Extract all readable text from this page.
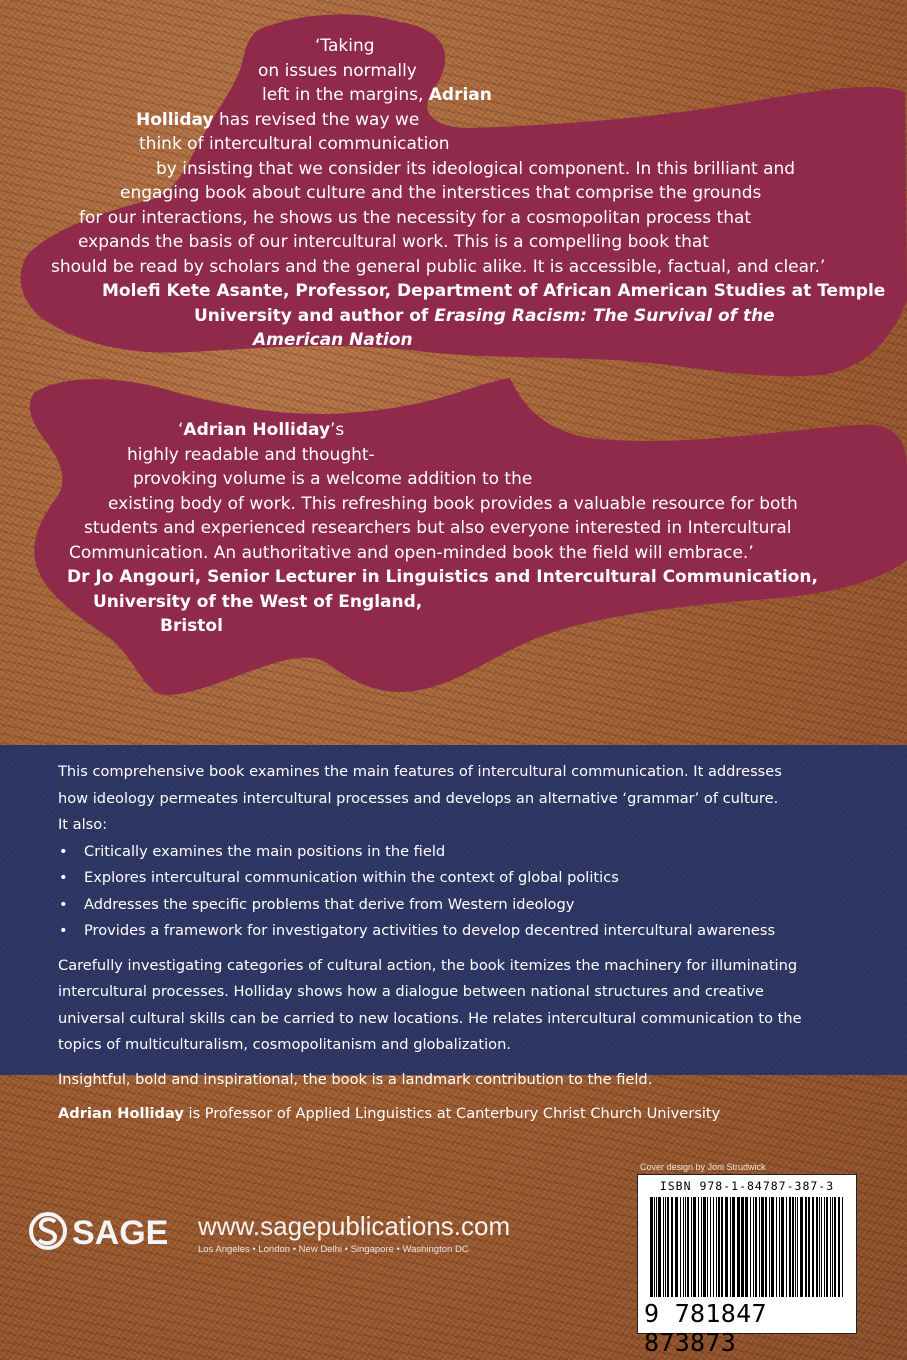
‘Taking

on issues normally

left in the margins, Adrian

Holliday has revised the way we

think of intercultural communication

by insisting that we consider its ideological component. In this brilliant and

engaging book about culture and the interstices that comprise the grounds

for our interactions, he shows us the necessity for a cosmopolitan process that

expands the basis of our intercultural work. This is a compelling book that

should be read by scholars and the general public alike. It is accessible, factual, and clear.’

Molefi Kete Asante, Professor, Department of African American Studies at Temple

University and author of Erasing Racism: The Survival of the

American Nation

‘Adrian Holliday’s

highly readable and thought-

provoking volume is a welcome addition to the

existing body of work. This refreshing book provides a valuable resource for both

students and experienced researchers but also everyone interested in Intercultural

Communication. An authoritative and open-minded book the field will embrace.’

Dr Jo Angouri, Senior Lecturer in Linguistics and Intercultural Communication,

University of the West of England,

Bristol

This comprehensive book examines the main features of intercultural communication. It addresses

how ideology permeates intercultural processes and develops an alternative ‘grammar’ of culture.

It also:

• Critically examines the main positions in the field
• Explores intercultural communication within the context of global politics
• Addresses the specific problems that derive from Western ideology
• Provides a framework for investigatory activities to develop decentred intercultural awareness

Carefully investigating categories of cultural action, the book itemizes the machinery for illuminating

intercultural processes. Holliday shows how a dialogue between national structures and creative

universal cultural skills can be carried to new locations. He relates intercultural communication to the

topics of multiculturalism, cosmopolitanism and globalization.

Insightful, bold and inspirational, the book is a landmark contribution to the field.

Adrian Holliday is Professor of Applied Linguistics at Canterbury Christ Church University

Cover design by Joni Strudwick
ISBN 978-1-84787-387-3
9 781847 873873
SAGE www.sagepublications.com
Los Angeles • London • New Delhi • Singapore • Washington DC
